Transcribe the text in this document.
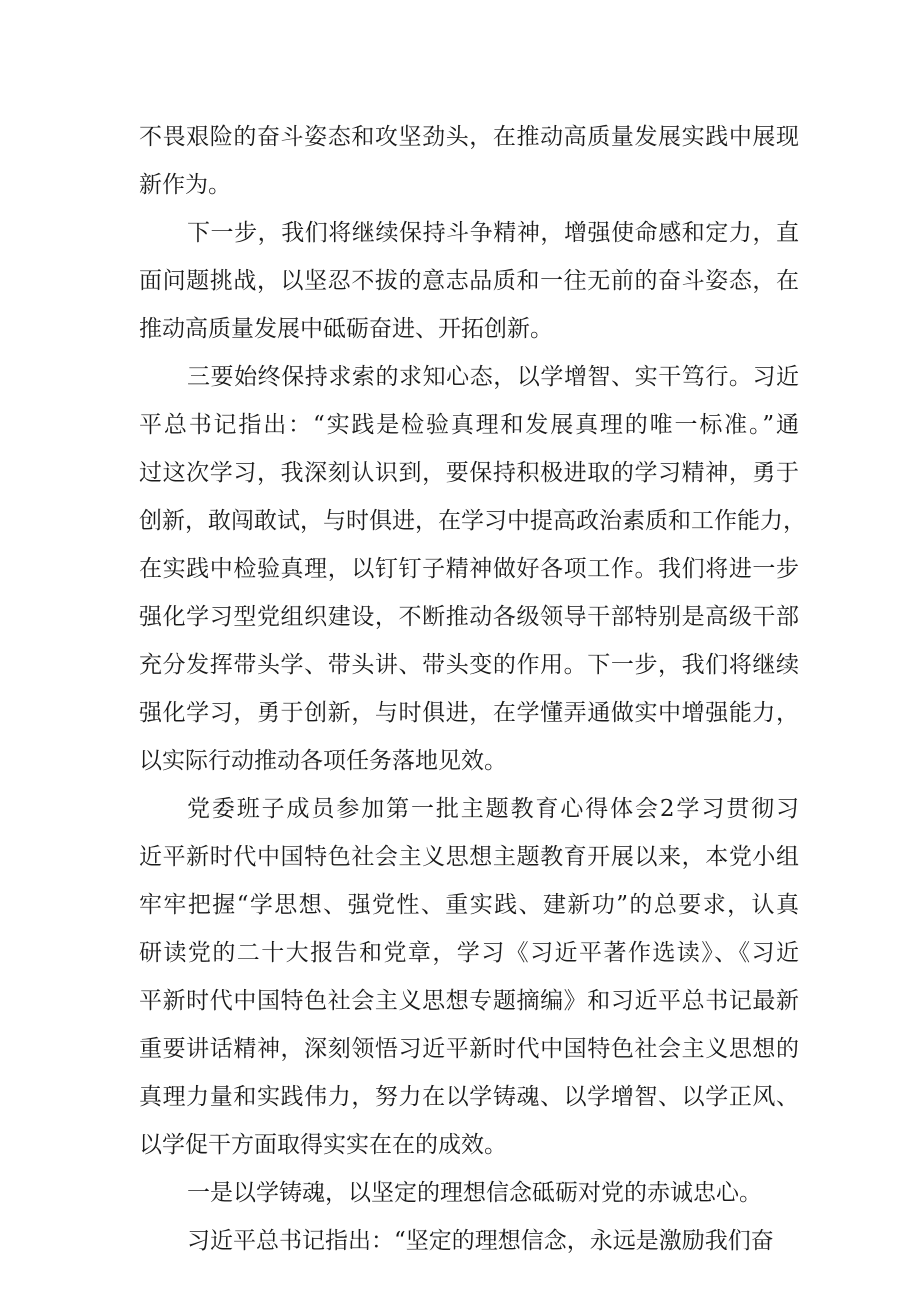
不畏艰险的奋斗姿态和攻坚劲头，在推动高质量发展实践中展现
新作为。
下一步，我们将继续保持斗争精神，增强使命感和定力，直
面问题挑战，以坚忍不拔的意志品质和一往无前的奋斗姿态，在
推动高质量发展中砥砺奋进、开拓创新。
三要始终保持求索的求知心态，以学增智、实干笃行。习近
平总书记指出：“实践是检验真理和发展真理的唯一标准。”通
过这次学习，我深刻认识到，要保持积极进取的学习精神，勇于
创新，敢闯敢试，与时俱进，在学习中提高政治素质和工作能力，
在实践中检验真理，以钉钉子精神做好各项工作。我们将进一步
强化学习型党组织建设，不断推动各级领导干部特别是高级干部
充分发挥带头学、带头讲、带头变的作用。下一步，我们将继续
强化学习，勇于创新，与时俱进，在学懂弄通做实中增强能力，
以实际行动推动各项任务落地见效。
党委班子成员参加第一批主题教育心得体会2学习贯彻习
近平新时代中国特色社会主义思想主题教育开展以来，本党小组
牢牢把握“学思想、强党性、重实践、建新功”的总要求，认真
研读党的二十大报告和党章，学习《习近平著作选读》、《习近
平新时代中国特色社会主义思想专题摘编》和习近平总书记最新
重要讲话精神，深刻领悟习近平新时代中国特色社会主义思想的
真理力量和实践伟力，努力在以学铸魂、以学增智、以学正风、
以学促干方面取得实实在在的成效。
一是以学铸魂，以坚定的理想信念砥砺对党的赤诚忠心。
习近平总书记指出：“坚定的理想信念，永远是激励我们奋
